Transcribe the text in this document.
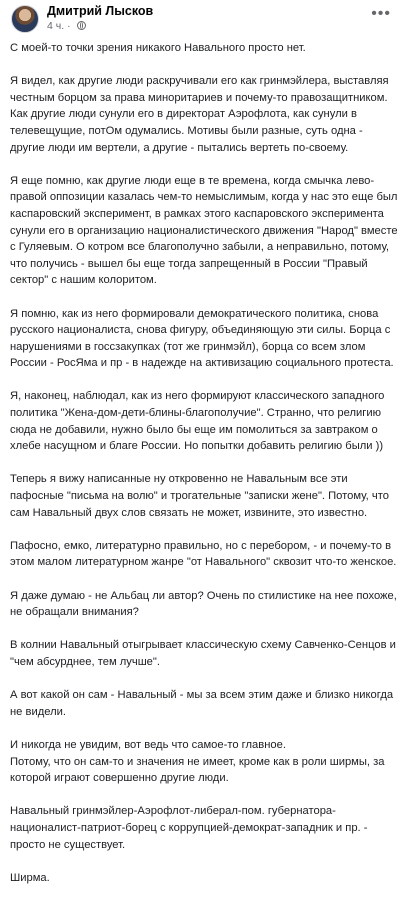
Дмитрий Лысков
4 ч. ·
•••

С моей-то точки зрения никакого Навального просто нет.

Я видел, как другие люди раскручивали его как гринмэйлера, выставляя честным борцом за права миноритариев и почему-то правозащитником. Как другие люди сунули его в директорат Аэрофлота, как сунули в телевещущие, потОм одумались. Мотивы были разные, суть одна - другие люди им вертели, а другие - пытались вертеть по-своему.

Я еще помню, как другие люди еще в те времена, когда смычка лево-правой оппозиции казалась чем-то немыслимым, когда у нас это еще был каспаровский эксперимент, в рамках этого каспаровского эксперимента сунули его в организацию националистического движения "Народ" вместе с Гуляевым. О котром все благополучно забыли, а неправильно, потому, что получись - вышел бы еще тогда запрещенный в России "Правый сектор" с нашим колоритом.

Я помню, как из него формировали демократического политика, снова русского националиста, снова фигуру, объединяющую эти силы. Борца с нарушениями в госсзакупках (тот же гринмэйл), борца со всем злом России - РосЯма и пр - в надежде на активизацию социального протеста.

Я, наконец, наблюдал, как из него формируют классического западного политика "Жена-дом-дети-блины-благополучие". Странно, что религию сюда не добавили, нужно было бы еще им помолиться за завтраком о хлебе насущном и благе России. Но попытки добавить религию были ))

Теперь я вижу написанные ну откровенно не Навальным все эти пафосные "письма на волю" и трогательные "записки жене". Потому, что сам Навальный двух слов связать не может, извините, это известно.

Пафосно, емко, литературно правильно, но с перебором, - и почему-то в этом малом литературном жанре "от Навального" сквозит что-то женское.

Я даже думаю - не Альбац ли автор? Очень по стилистике на нее похоже, не обращали внимания?

В колнии Навальный отыгрывает классическую схему Савченко-Сенцов и "чем абсурднее, тем лучше".

А вот какой он сам - Навальный - мы за всем этим даже и близко никогда не видели.

И никогда не увидим, вот ведь что самое-то главное.

Потому, что он сам-то и значения не имеет, кроме как в роли ширмы, за которой играют совершенно другие люди.

Навальный гринмэйлер-Аэрофлот-либерал-пом. губернатора-националист-патриот-борец с коррупцией-демократ-западник и пр. - просто не существует.

Ширма.
